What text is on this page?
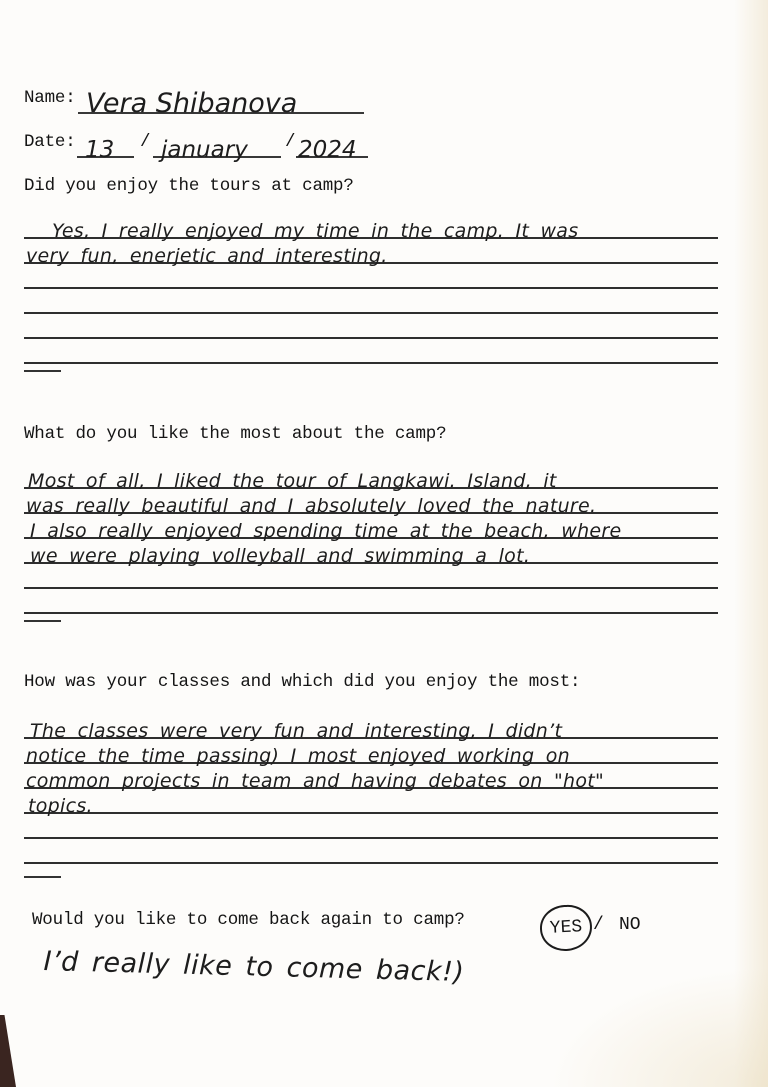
Name: Vera Shibanova
Date: 13 / january / 2024
Did you enjoy the tours at camp?
Yes, I really enjoyed my time in the camp. It was
very fun, enerjetic and interesting.
What do you like the most about the camp?
Most of all, I liked the tour of Langkawi. Island, it
was really beautiful and I absolutely loved the nature.
I also really enjoyed spending time at the beach, where
we were playing volleyball and swimming a lot.
How was your classes and which did you enjoy the most:
The classes were very fun and interesting, I didn’t
notice the time passing) I most enjoyed working on
common projects in team and having debates on "hot"
topics.
Would you like to come back again to camp?	YES / NO
I’d really like to come back!)
